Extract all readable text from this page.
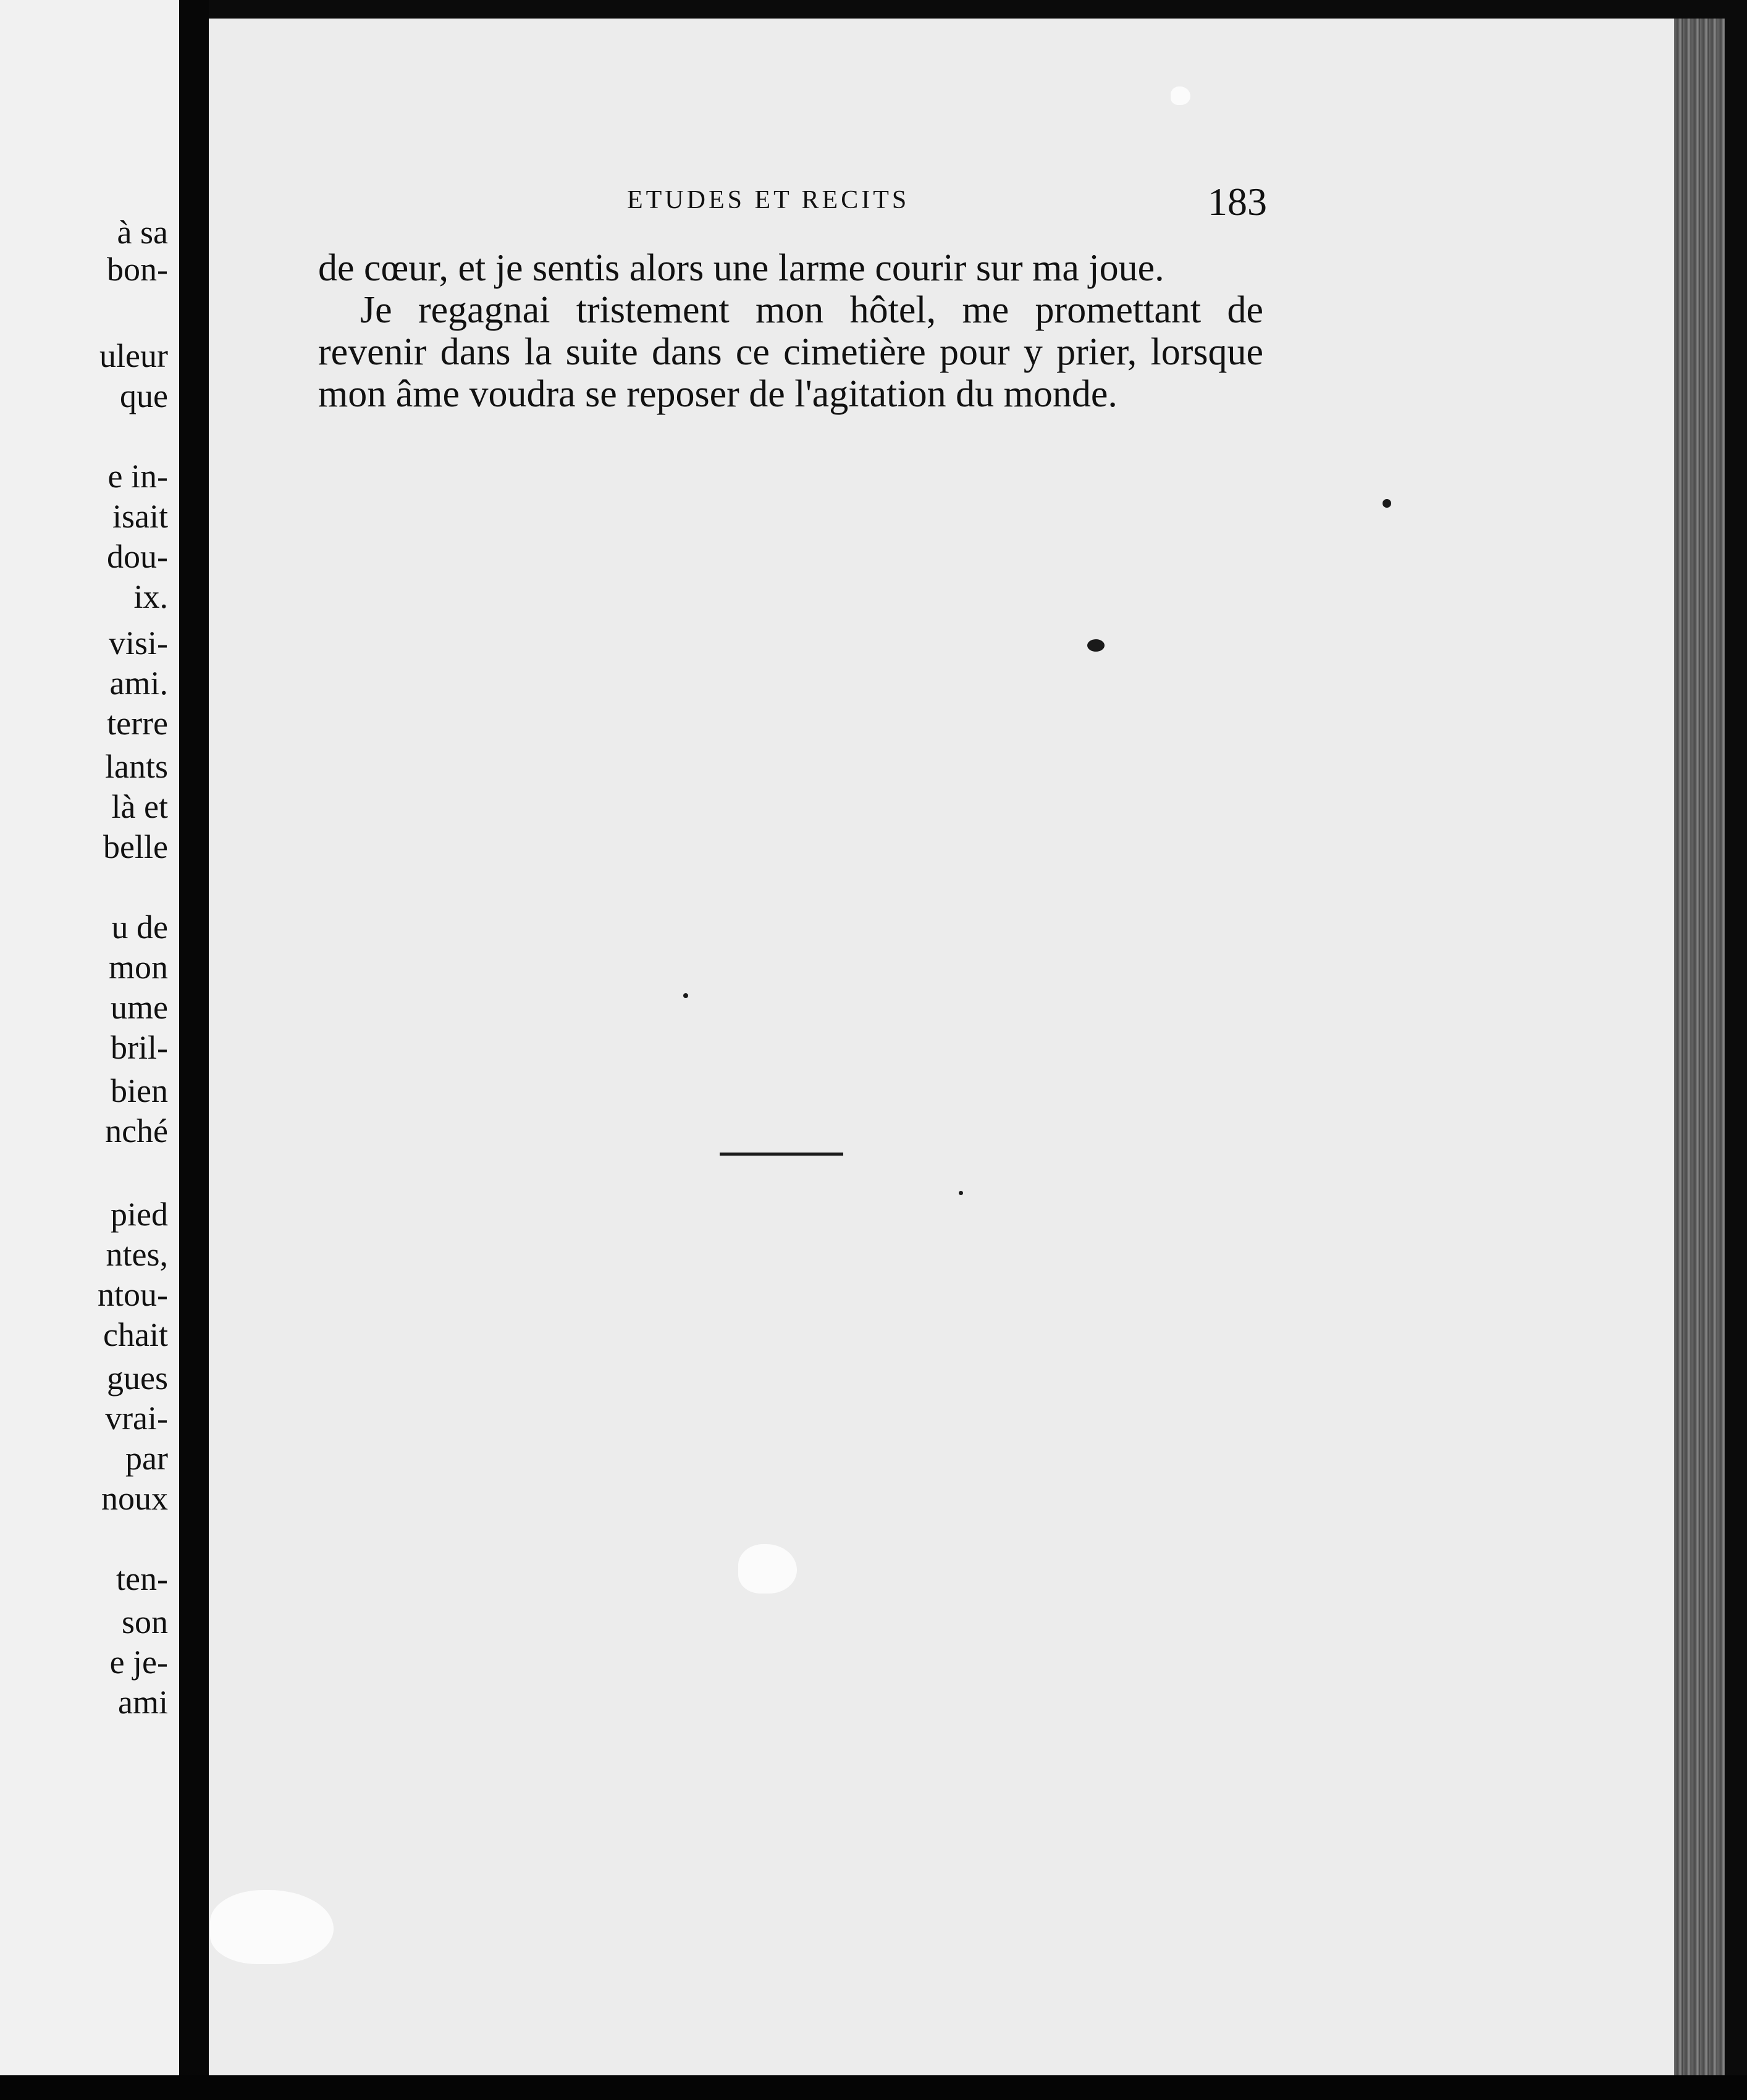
à sa
bon-
uleur
que
e in-
isait
dou-
ix.
visi-
ami.
terre
lants
là et
belle
u de
mon
ume
bril-
bien
nché
pied
ntes,
ntou-
chait
gues
vrai-
par
noux
ten-
son
e je-
ami
ETUDES ET RECITS	183

de cœur, et je sentis alors une larme courir sur ma joue.

Je regagnai tristement mon hôtel, me promettant de revenir dans la suite dans ce cimetière pour y prier, lorsque mon âme voudra se reposer de l'agitation du monde.
